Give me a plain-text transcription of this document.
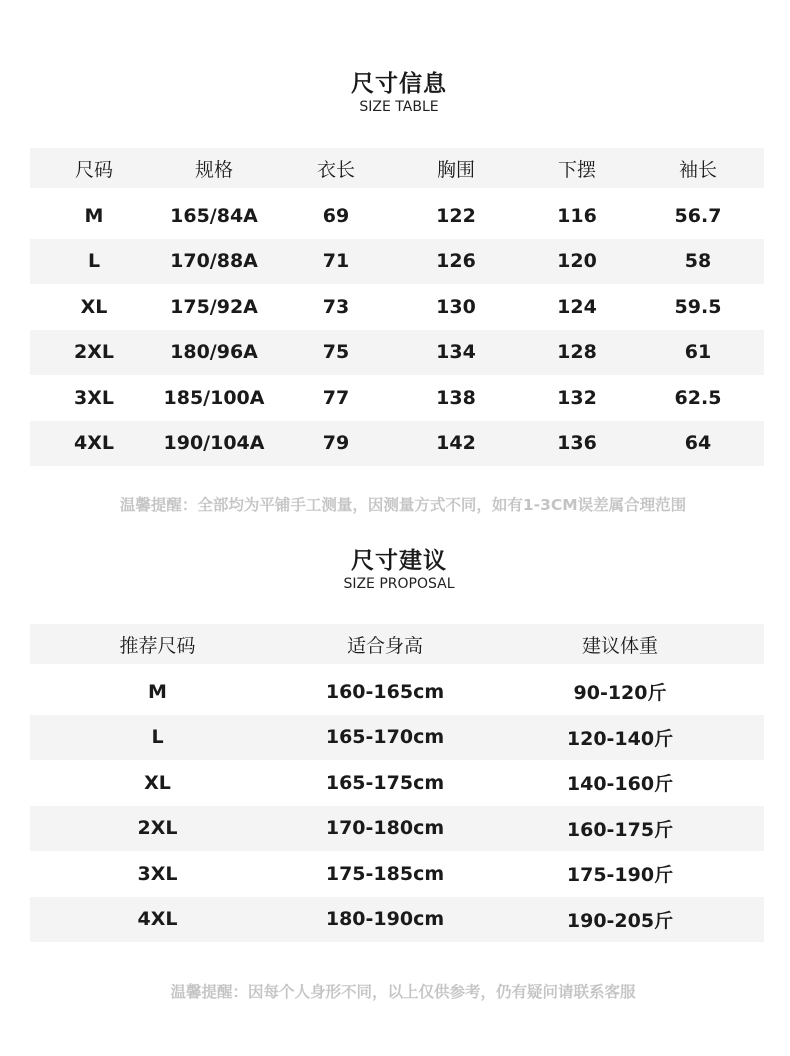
尺寸信息
SIZE TABLE
尺码	规格	衣长	胸围	下摆	袖长
M	165/84A	69	122	116	56.7
L	170/88A	71	126	120	58
XL	175/92A	73	130	124	59.5
2XL	180/96A	75	134	128	61
3XL	185/100A	77	138	132	62.5
4XL	190/104A	79	142	136	64
温馨提醒：全部均为平铺手工测量，因测量方式不同，如有1-3CM误差属合理范围
尺寸建议
SIZE PROPOSAL
推荐尺码	适合身高	建议体重
M	160-165cm	90-120斤
L	165-170cm	120-140斤
XL	165-175cm	140-160斤
2XL	170-180cm	160-175斤
3XL	175-185cm	175-190斤
4XL	180-190cm	190-205斤
温馨提醒：因每个人身形不同，以上仅供参考，仍有疑问请联系客服
